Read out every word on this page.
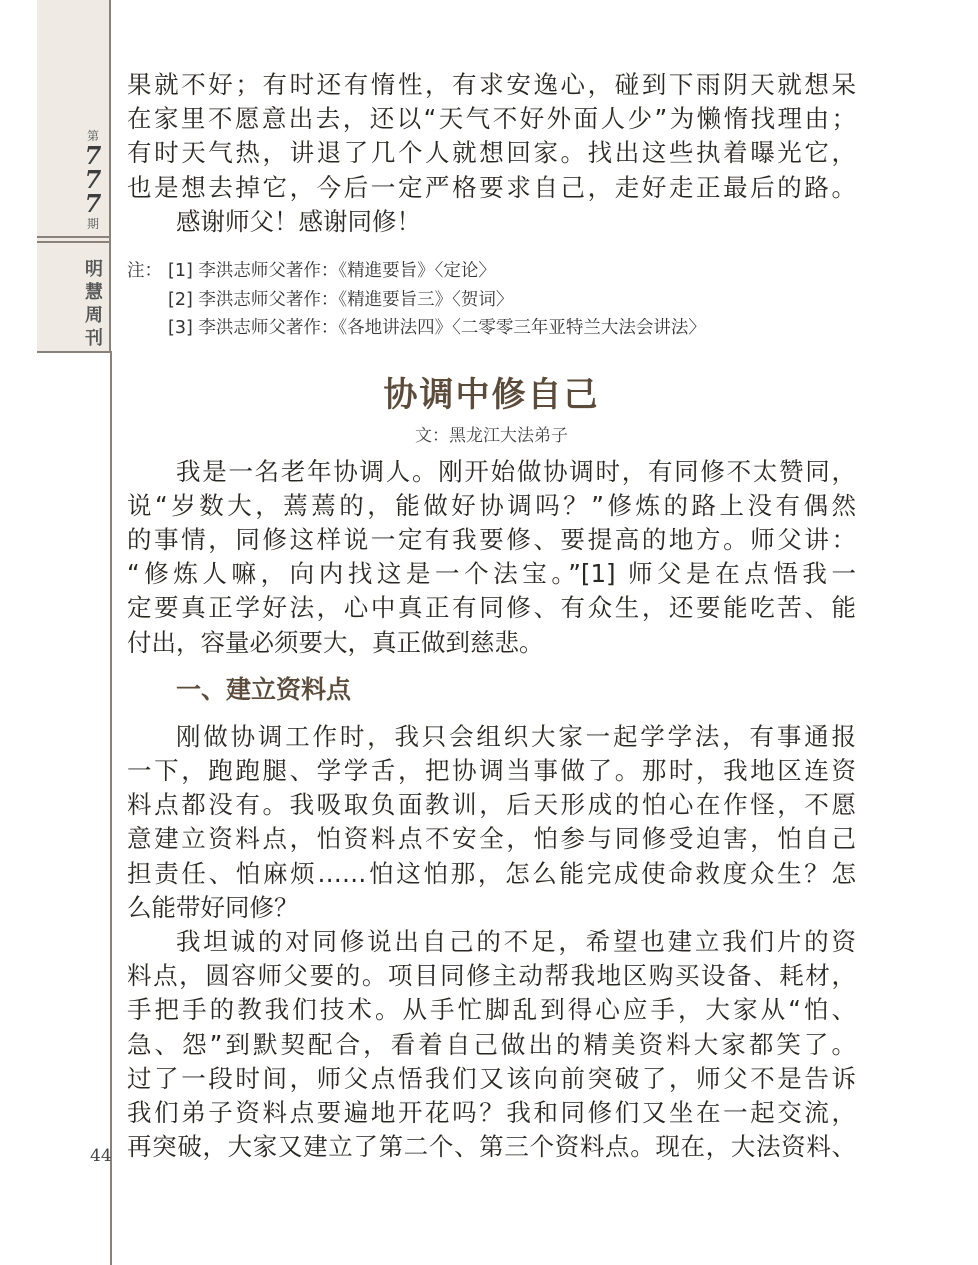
第
7
7
7
期
明
慧
周
刊

果就不好；有时还有惰性，有求安逸心，碰到下雨阴天就想呆

在家里不愿意出去，还以“天气不好外面人少”为懒惰找理由；

有时天气热，讲退了几个人就想回家。找出这些执着曝光它，

也是想去掉它，今后一定严格要求自己，走好走正最后的路。

感谢师父！感谢同修！

注： [1] 李洪志师父著作：《精進要旨》〈定论〉
[2] 李洪志师父著作：《精進要旨三》〈贺词〉
[3] 李洪志师父著作：《各地讲法四》〈二零零三年亚特兰大法会讲法〉
协调中修自己
文：黑龙江大法弟子

我是一名老年协调人。刚开始做协调时，有同修不太赞同，

说“岁数大，蔫蔫的，能做好协调吗？”修炼的路上没有偶然

的事情，同修这样说一定有我要修、要提高的地方。师父讲：

“修炼人嘛，向内找这是一个法宝。”[1] 师父是在点悟我一

定要真正学好法，心中真正有同修、有众生，还要能吃苦、能

付出，容量必须要大，真正做到慈悲。

一、建立资料点

刚做协调工作时，我只会组织大家一起学学法，有事通报

一下，跑跑腿、学学舌，把协调当事做了。那时，我地区连资

料点都没有。我吸取负面教训，后天形成的怕心在作怪，不愿

意建立资料点，怕资料点不安全，怕参与同修受迫害，怕自己

担责任、怕麻烦……怕这怕那，怎么能完成使命救度众生？怎

么能带好同修？

我坦诚的对同修说出自己的不足，希望也建立我们片的资

料点，圆容师父要的。项目同修主动帮我地区购买设备、耗材，

手把手的教我们技术。从手忙脚乱到得心应手，大家从“怕、

急、怨”到默契配合，看着自己做出的精美资料大家都笑了。

过了一段时间，师父点悟我们又该向前突破了，师父不是告诉

我们弟子资料点要遍地开花吗？我和同修们又坐在一起交流，

再突破，大家又建立了第二个、第三个资料点。现在，大法资料、

44
